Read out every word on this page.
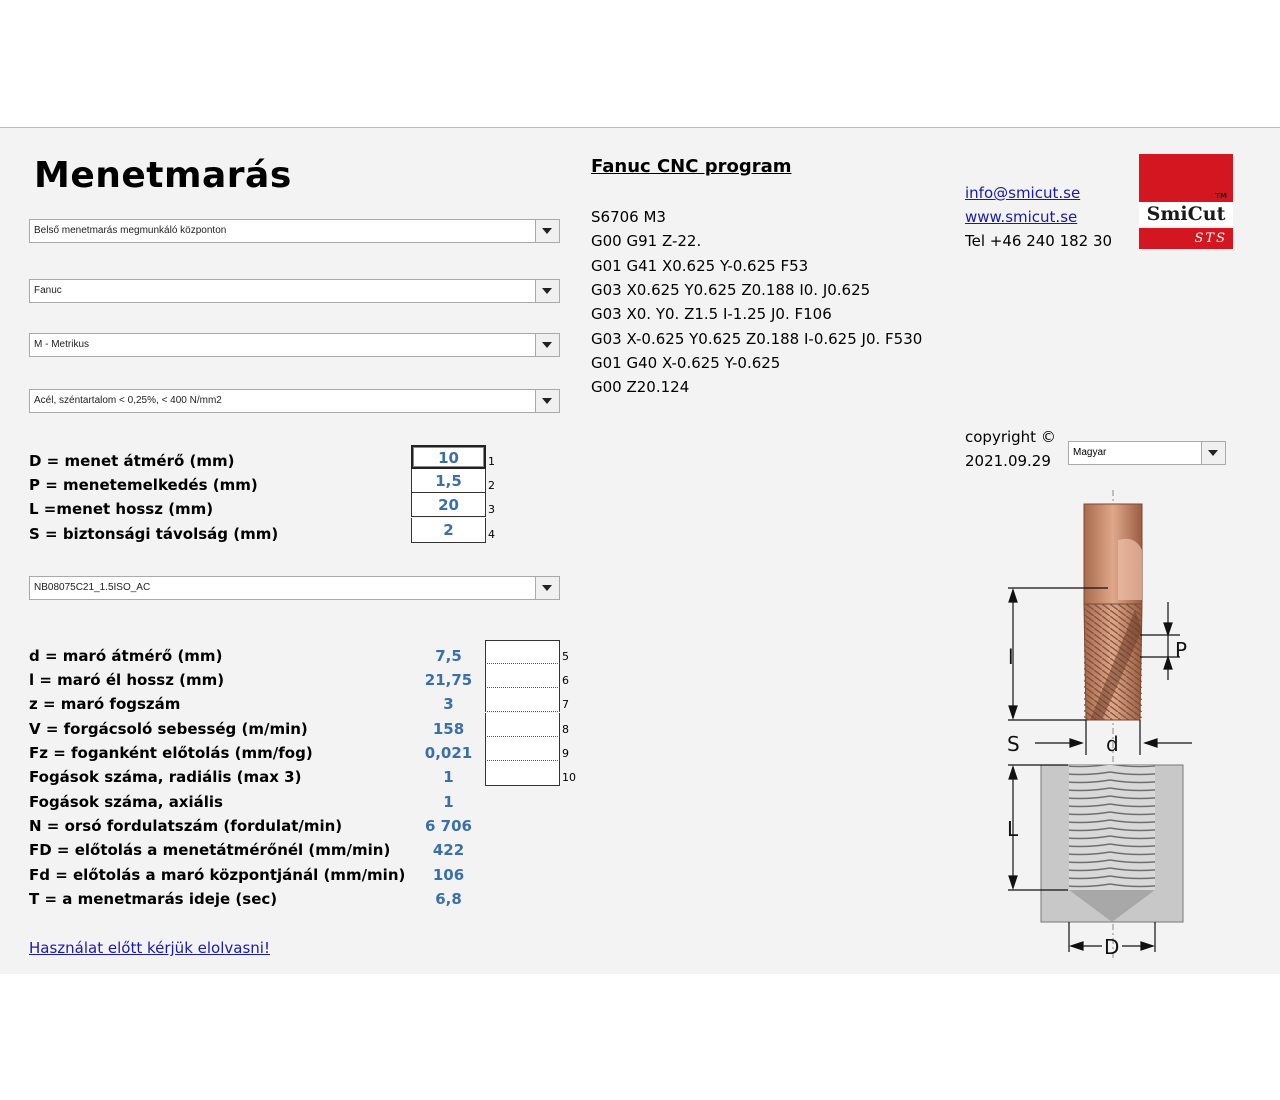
Menetmarás
Belső menetmarás megmunkáló központon
Fanuc
M - Metrikus
Acél, széntartalom < 0,25%, < 400 N/mm2
D = menet átmérő (mm)
P = menetemelkedés (mm)
L =menet hossz (mm)
S = biztonsági távolság (mm)
10
1,5
20
2
1
2
3
4
NB08075C21_1.5ISO_AC
d = maró átmérő (mm)
l = maró él hossz (mm)
z = maró fogszám
V = forgácsoló sebesség (m/min)
Fz = foganként előtolás (mm/fog)
Fogások száma, radiális (max 3)
Fogások száma, axiális
N = orsó fordulatszám (fordulat/min)
FD = előtolás a menetátmérőnél (mm/min)
Fd = előtolás a maró központjánál (mm/min)
T = a menetmarás ideje (sec)
7,5
21,75
3
158
0,021
1
1
6 706
422
106
6,8
5
6
7
8
9
10
Használat előtt kérjük elolvasni!
Fanuc CNC program
S6706 M3
G00 G91 Z-22.
G01 G41 X0.625 Y-0.625 F53
G03 X0.625 Y0.625 Z0.188 I0. J0.625
G03 X0. Y0. Z1.5 I-1.25 J0. F106
G03 X-0.625 Y0.625 Z0.188 I-0.625 J0. F530
G01 G40 X-0.625 Y-0.625
G00 Z20.124
info@smicut.se
www.smicut.se
Tel +46 240 182 30
TM
SmiCut
STS
copyright ©
2021.09.29 Magyar
l	P
S	d
L
D
